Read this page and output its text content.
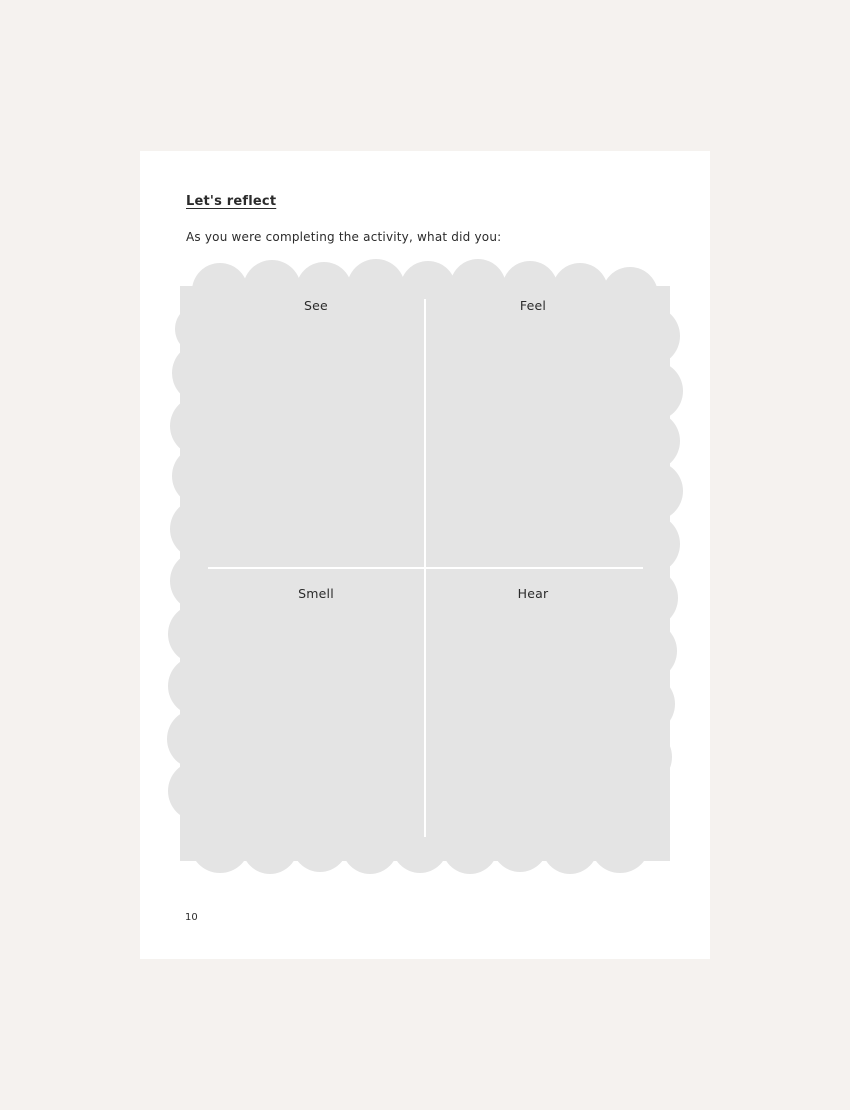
Let's reflect

As you were completing the activity, what did you:

See	Feel
Smell	Hear
10
